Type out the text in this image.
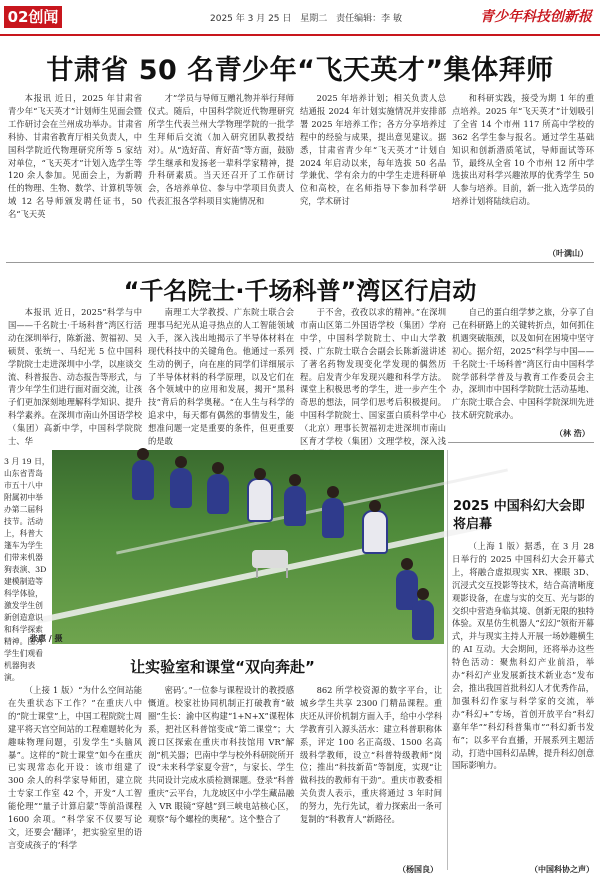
02创闻	2025 年 3 月 25 日 星期二 责任编辑：李 敏	青少年科技创新报
甘肃省 50 名青少年“飞天英才”集体拜师

本报讯 近日，2025 年甘肃省青少年“飞天英才”计划师生见面会暨工作研讨会在兰州成功举办。甘肃省科协、甘肃省教育厅相关负责人，中国科学院近代物理研究所等 5 家结对单位，“飞天英才”计划入选学生等 120 余人参加。见面会上，为新聘任的物理、生物、数学、计算机等领域 12 名导师颁发聘任证书，50 名“飞天英

才”学员与导师互赠礼物并举行拜师仪式。随后，中国科学院近代物理研究所学生代表兰州大学物理学院的一批学生拜师后交流（加入研究团队教授结对）。从“选好苗、育好苗”等方面，鼓励学生继承和发扬老一辈科学家精神，提升科研素质。当天还召开了工作研讨会，各培养单位、参与中学项目负责人代表汇报各学科项目实施情况和

2025 年培养计划；相关负责人总结通报 2024 年计划实施情况并安排部署 2025 年培养工作；各方分享培养过程中的经验与成果，提出意见建议。据悉，甘肃省青少年“飞天英才”计划自 2024 年启动以来，每年选拔 50 名品学兼优、学有余力的中学生走进科研单位和高校，在名师指导下参加科学研究，学术研讨

和科研实践，接受为期 1 年的重点培养。2025 年“飞天英才”计划吸引了全省 14 个市州 117 所高中学校的 362 名学生参与报名。通过学生基础知识和创新潜质笔试，导师面试等环节，最终从全省 10 个市州 12 所中学选拔出对科学兴趣浓厚的优秀学生 50 人参与培养。目前，新一批入选学员的培养计划将陆续启动。

（叶满山）
“千名院士·千场科普”湾区行启动

本报讯 近日，2025“科学与中国——千名院士·千场科普”湾区行活动在深圳举行，陈新滋、贺福初、吴硕贤、张统一、马纪光 5 位中国科学院院士走进深圳中小学，以座谈交流、科普报告、动态报告等形式，与青少年学生们进行面对面交流，让孩子们更加深刻地理解科学知识、提升科学素养。在深圳市南山外国语学校（集团）高新中学，中国科学院院士、华

南理工大学教授、广东院士联合会理事马纪光从追寻热点的人工智能领域入手，深入浅出地揭示了半导体材料在现代科技中的关键角色。他通过一系列生动的例子，向在座的同学们详细展示了半导体材料的科学原理，以及它们在各个领域中的应用和发展，揭开“黑科技”背后的科学奥秘。“在人生与科学的追求中，每天都有偶然的事情发生，能想准问题一定是重要的条件，但更重要的是敢

于不舍，孜孜以求的精神。”在深圳市南山区第二外国语学校（集团）学府中学，中国科学院院士、中山大学教授、广东院士联合会副会长陈新滋讲述了著名药物发现变化学发现的偶然历程。启发青少年发现兴趣和科学方法。课堂上积极思考的学生，进一步产生个奇思的想法，同学们思考后积极提问。中国科学院院士、国家蛋白质科学中心（北京）理事长贺福初走进深圳市南山区育才学校（集团）文理学校，深入浅

自己的蛋白组学梦之旅，分享了自己在科研路上的关键转折点，如何抓住机遇突破瓶颈，以及如何在困境中坚守初心。据介绍，2025“科学与中国——千名院士·千场科普”湾区行由中国科学院学部科学普及与教育工作委员会主办，深圳市中国科学院院士活动基地、广东院士联合会、中国科学院深圳先进技术研究院承办。

（林 浩）
3 月 19 日，山东省青岛市五十八中附属初中举办第二届科技节。活动上，科普大篷车为学生们带来机器狗表演、3D 建模制造等科学体验，激发学生创新创造意识和科学探索精神。图为学生们观看机器狗表演。
张惠 / 摄
2025 中国科幻大会即将启幕

（上海 1 版）据悉，在 3 月 28 日举行的 2025 中国科幻大会开幕式上，将融合虚拟现实 XR、裸眼 3D、沉浸式交互投影等技术，结合高清晰度观影设备，在虚与实的交互、光与影的交织中营造身临其境、创新无限的独特体验。双星仿生机器人“幻幻”领衔开幕式，并与现实主持人开展一场妙趣横生的 AI 互动。大会期间，还将举办这些特色活动：聚焦科幻产业前沿，举办“科幻产业发展新技术新业态”发布会，推出我国首批科幻人才优秀作品，加强科幻作家与科学家的交流，举办“科幻+”专场，首创开放平台“科幻嘉年华”“科幻科普集市”“科幻新书发布”；以多平台直播，开展系列主题活动，打造中国科幻品牌，提升科幻创意国际影响力。

（中国科协之声）
让实验室和课堂“双向奔赴”

（上接 1 版）“为什么空间站能在失重状态下工作？”在重庆八中的“院士课堂”上，中国工程院院士周建平将天宫空间站的工程难题转化为趣味物理问题，引发学生“头脑风暴”。这样的“院士课堂”如今在重庆已实现常态化开设：该市组建了 300 余人的科学家导师团，建立院士专家工作室 42 个，开发“人工智能伦理”“量子计算启蒙”等前沿课程 1600 余项。“科学家不仅要写论文，还要会‘翻译’，把实验室里的语言变成孩子的‘科学

密码’。”一位参与课程设计的教授感慨道。校家社协同机制正打破教育“破圈”生长：渝中区构建“1+N+X”课程体系，把社区科普馆变成“第二课堂”；大渡口区探索在重庆市科技馆用 VR“解剖”机关器；巴南中学与校外科研院所开设“未来科学家夏令营”，与家长、学生共同设计完成水质检测课题。登录“科普重庆”云平台，九龙坡区中小学生藏品融入 VR 眼镜“穿越”到三峡电站核心区，观察“每个螺栓的奥秘”。这个整合了

862 所学校资源的数字平台，让城乡学生共享 2300 门精品课程。重庆还从评价机制方面入手，给中小学科学教育引入源头活水：建立科普职称体系，评定 100 名正高级、1500 名高级科学教师，设立“科普特级教师”岗位；推出“科技新苗”等制度，实现“让做科技的教师有干劲”。重庆市教委相关负责人表示，重庆将通过 3 年时间的努力，先行先试，着力探索出一条可复制的“科教育人”新路径。

（杨国良）
